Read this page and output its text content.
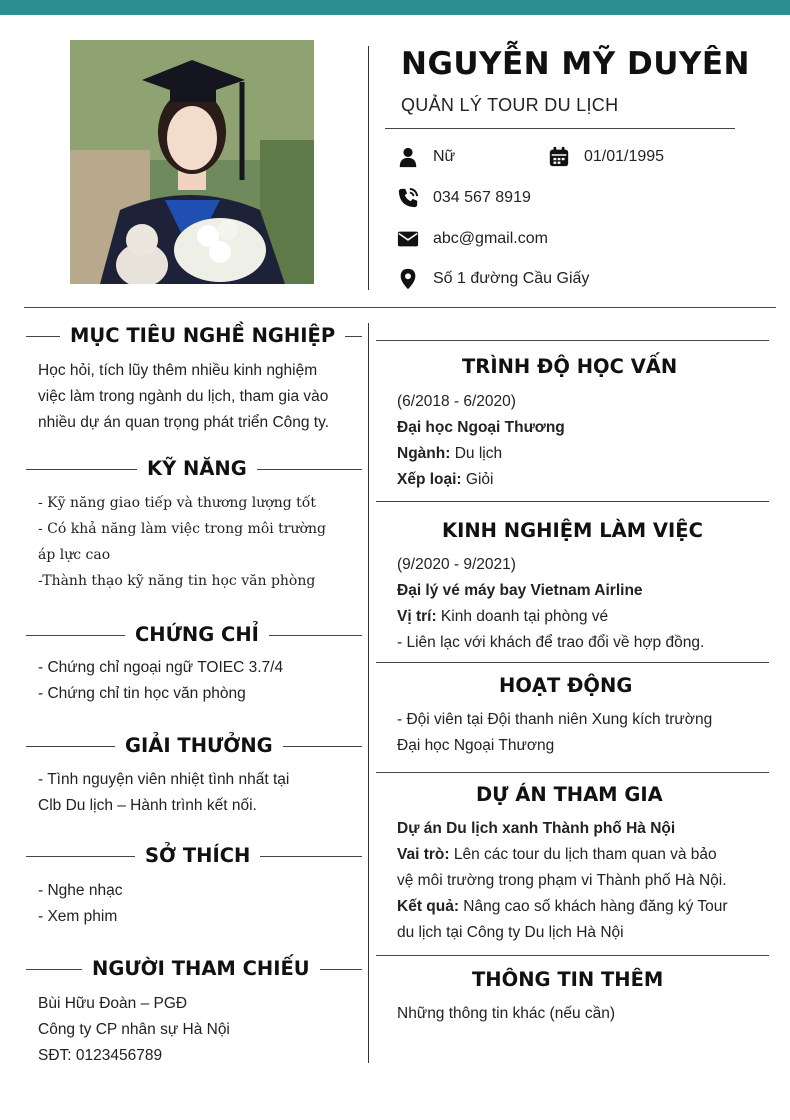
NGUYỄN MỸ DUYÊN
QUẢN LÝ TOUR DU LỊCH
Nữ	01/01/1995
034 567 8919
abc@gmail.com
Số 1 đường Cầu Giấy
MỤC TIÊU NGHỀ NGHIỆP
Học hỏi, tích lũy thêm nhiều kinh nghiệm
việc làm trong ngành du lịch, tham gia vào
nhiều dự án quan trọng phát triển Công ty.
KỸ NĂNG
- Kỹ năng giao tiếp và thương lượng tốt
- Có khả năng làm việc trong môi trường
áp lực cao
-Thành thạo kỹ năng tin học văn phòng
CHỨNG CHỈ
- Chứng chỉ ngoại ngữ TOIEC 3.7/4
- Chứng chỉ tin học văn phòng
GIẢI THƯỞNG
- Tình nguyện viên nhiệt tình nhất tại
Clb Du lịch – Hành trình kết nối.
SỞ THÍCH
- Nghe nhạc
- Xem phim
NGƯỜI THAM CHIẾU
Bùi Hữu Đoàn – PGĐ
Công ty CP nhân sự Hà Nội
SĐT: 0123456789
TRÌNH ĐỘ HỌC VẤN
(6/2018 - 6/2020)
Đại học Ngoại Thương
Ngành: Du lịch
Xếp loại: Giỏi
KINH NGHIỆM LÀM VIỆC
(9/2020 - 9/2021)
Đại lý vé máy bay Vietnam Airline
Vị trí: Kinh doanh tại phòng vé
- Liên lạc với khách để trao đổi về hợp đồng.
HOẠT ĐỘNG
- Đội viên tại Đội thanh niên Xung kích trường
Đại học Ngoại Thương
DỰ ÁN THAM GIA
Dự án Du lịch xanh Thành phố Hà Nội
Vai trò: Lên các tour du lịch tham quan và bảo
vệ môi trường trong phạm vi Thành phố Hà Nội.
Kết quả: Nâng cao số khách hàng đăng ký Tour
du lịch tại Công ty Du lịch Hà Nội
THÔNG TIN THÊM
Những thông tin khác (nếu cần)
